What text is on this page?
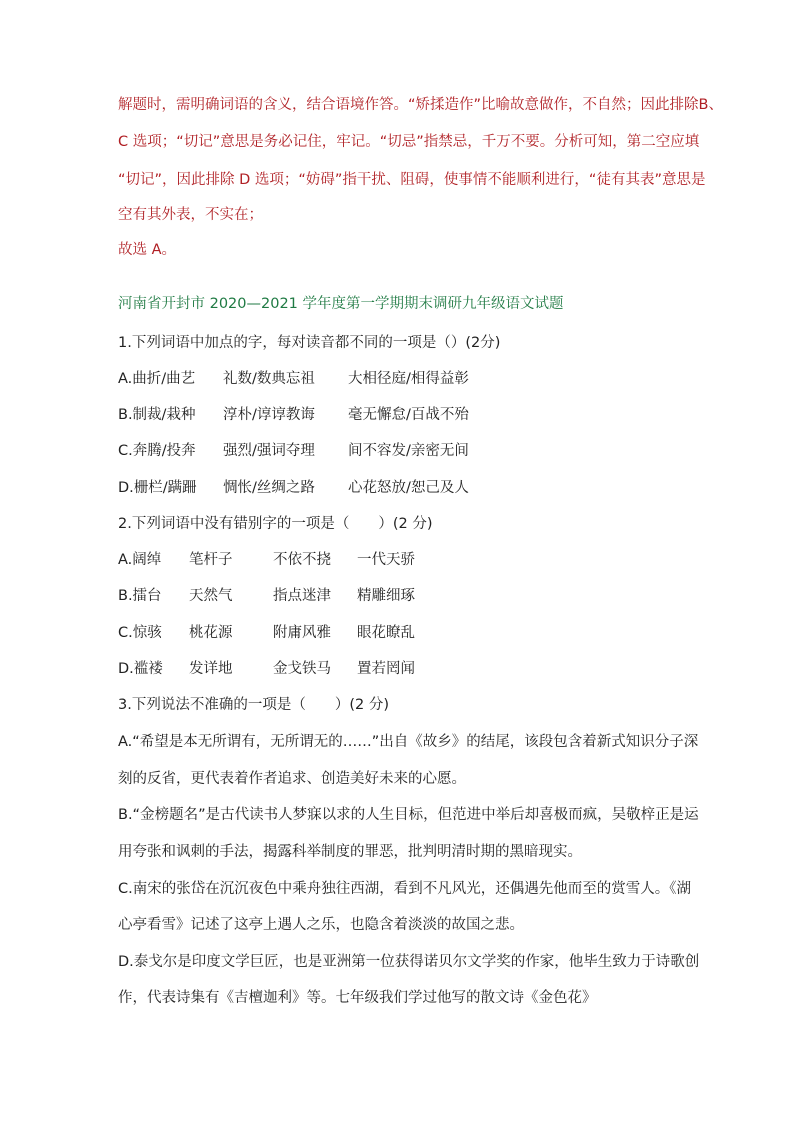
解题时，需明确词语的含义，结合语境作答。“矫揉造作”比喻故意做作，不自然；因此排除B、
C 选项；“切记”意思是务必记住，牢记。“切忌”指禁忌，千万不要。分析可知，第二空应填
“切记”，因此排除 D 选项；“妨碍”指干扰、阻碍，使事情不能顺利进行，“徒有其表”意思是
空有其外表，不实在；
故选 A。
河南省开封市 2020—2021 学年度第一学期期末调研九年级语文试题
1.下列词语中加点的字，每对读音都不同的一项是（）(2分)
A.曲折/曲艺 礼数/数典忘祖 大相径庭/相得益彰
B.制裁/栽种 淳朴/谆谆教诲 毫无懈怠/百战不殆
C.奔腾/投奔 强烈/强词夺理 间不容发/亲密无间
D.栅栏/蹒跚 惆怅/丝绸之路 心花怒放/恕己及人
2.下列词语中没有错别字的一项是（　　）(2 分)
A.阔绰 笔杆子	不依不挠 一代天骄
B.擂台 天然气	指点迷津 精雕细琢
C.惊骇 桃花源	附庸风雅 眼花瞭乱
D.褴褛 发详地	金戈铁马 置若罔闻
3.下列说法不准确的一项是（　　）(2 分)
A.“希望是本无所谓有，无所谓无的……”出自《故乡》的结尾，该段包含着新式知识分子深
刻的反省，更代表着作者追求、创造美好未来的心愿。
B.“金榜题名”是古代读书人梦寐以求的人生目标，但范进中举后却喜极而疯，吴敬梓正是运
用夸张和讽刺的手法，揭露科举制度的罪恶，批判明清时期的黑暗现实。
C.南宋的张岱在沉沉夜色中乘舟独往西湖，看到不凡风光，还偶遇先他而至的赏雪人。《湖
心亭看雪》记述了这亭上遇人之乐，也隐含着淡淡的故国之悲。
D.泰戈尔是印度文学巨匠，也是亚洲第一位获得诺贝尔文学奖的作家，他毕生致力于诗歌创
作，代表诗集有《吉檀迦利》等。七年级我们学过他写的散文诗《金色花》
